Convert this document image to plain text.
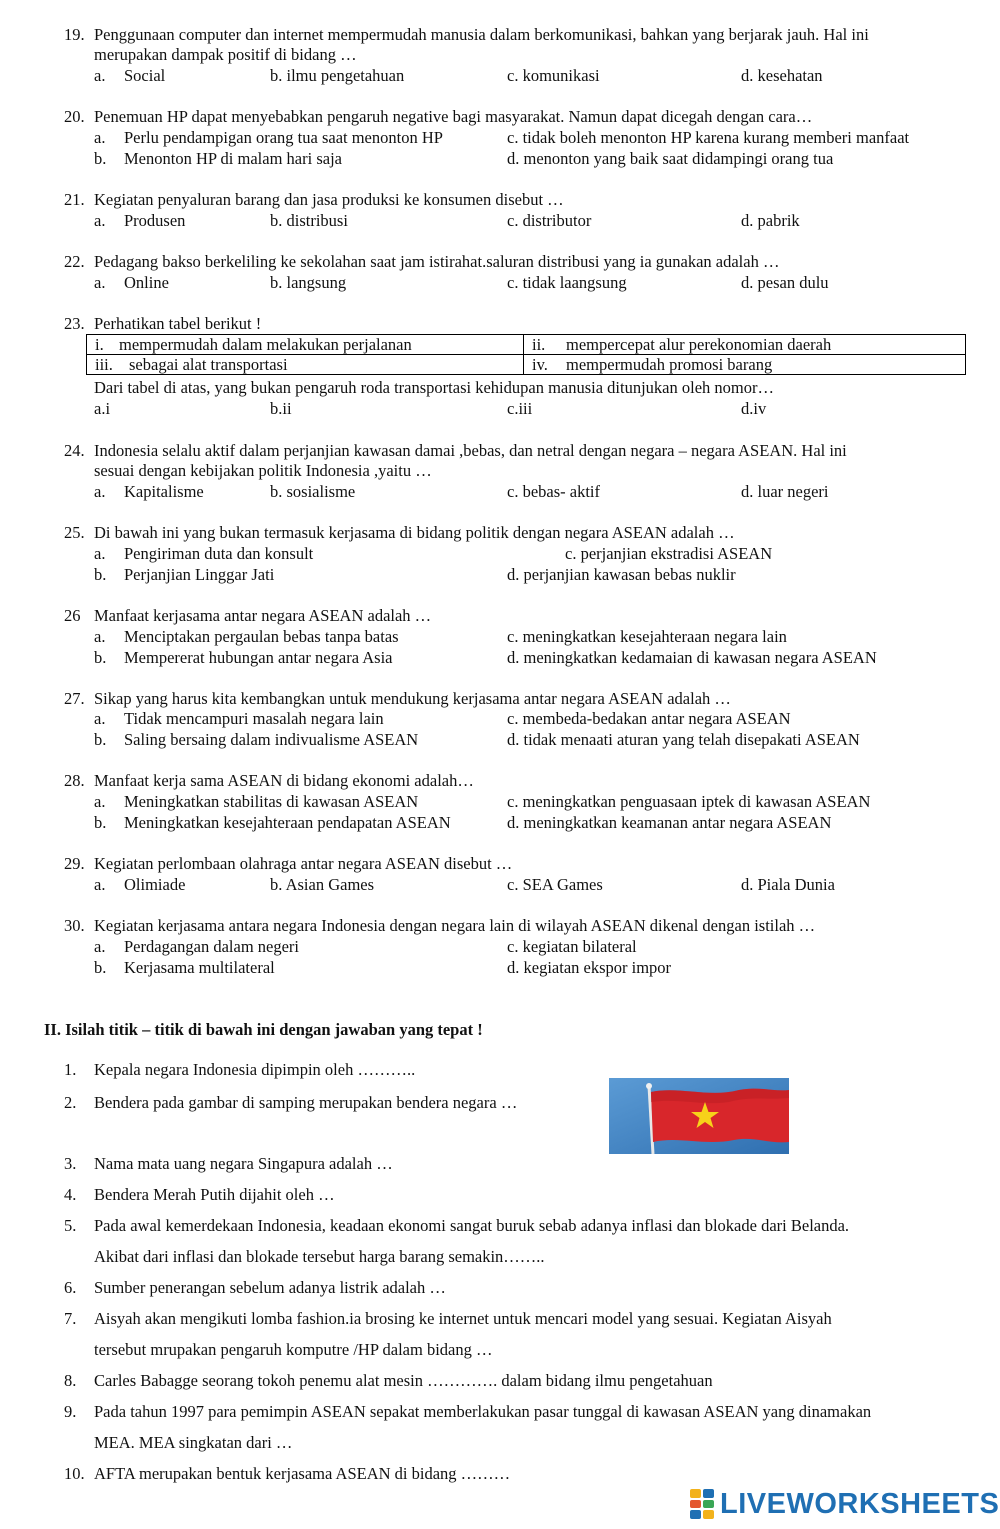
19. Penggunaan computer dan internet mempermudah manusia dalam berkomunikasi, bahkan yang berjarak jauh. Hal ini
merupakan dampak positif di bidang …
a. Social	b. ilmu pengetahuan	c. komunikasi	d. kesehatan
20. Penemuan HP dapat menyebabkan pengaruh negative bagi masyarakat. Namun dapat dicegah dengan cara…
a. Perlu pendampigan orang tua saat menonton HP	c. tidak boleh menonton HP karena kurang memberi manfaat
b. Menonton HP di malam hari saja	d. menonton yang baik saat didampingi orang tua
21. Kegiatan penyaluran barang dan jasa produksi ke konsumen disebut …
a. Produsen	b. distribusi	c. distributor	d. pabrik
22. Pedagang bakso berkeliling ke sekolahan saat jam istirahat.saluran distribusi yang ia gunakan adalah …
a. Online	b. langsung	c. tidak laangsung	d. pesan dulu
23. Perhatikan tabel berikut !
i. mempermudah dalam melakukan perjalanan	ii. mempercepat alur perekonomian daerah
iii. sebagai alat transportasi	iv. mempermudah promosi barang
Dari tabel di atas, yang bukan pengaruh roda transportasi kehidupan manusia ditunjukan oleh nomor…
a.i	b.ii	c.iii	d.iv
24. Indonesia selalu aktif dalam perjanjian kawasan damai ,bebas, dan netral dengan negara – negara ASEAN. Hal ini
sesuai dengan kebijakan politik Indonesia ,yaitu …
a. Kapitalisme	b. sosialisme	c. bebas- aktif	d. luar negeri
25. Di bawah ini yang bukan termasuk kerjasama di bidang politik dengan negara ASEAN adalah …
a. Pengiriman duta dan konsult	c. perjanjian ekstradisi ASEAN
b. Perjanjian Linggar Jati	d. perjanjian kawasan bebas nuklir
26 Manfaat kerjasama antar negara ASEAN adalah …
a. Menciptakan pergaulan bebas tanpa batas	c. meningkatkan kesejahteraan negara lain
b. Mempererat hubungan antar negara Asia	d. meningkatkan kedamaian di kawasan negara ASEAN
27. Sikap yang harus kita kembangkan untuk mendukung kerjasama antar negara ASEAN adalah …
a. Tidak mencampuri masalah negara lain	c. membeda-bedakan antar negara ASEAN
b. Saling bersaing dalam indivualisme ASEAN	d. tidak menaati aturan yang telah disepakati ASEAN
28. Manfaat kerja sama ASEAN di bidang ekonomi adalah…
a. Meningkatkan stabilitas di kawasan ASEAN	c. meningkatkan penguasaan iptek di kawasan ASEAN
b. Meningkatkan kesejahteraan pendapatan ASEAN	d. meningkatkan keamanan antar negara ASEAN
29. Kegiatan perlombaan olahraga antar negara ASEAN disebut …
a. Olimiade	b. Asian Games	c. SEA Games	d. Piala Dunia
30. Kegiatan kerjasama antara negara Indonesia dengan negara lain di wilayah ASEAN dikenal dengan istilah …
a. Perdagangan dalam negeri	c. kegiatan bilateral
b. Kerjasama multilateral	d. kegiatan ekspor impor
II. Isilah titik – titik di bawah ini dengan jawaban yang tepat !
1. Kepala negara Indonesia dipimpin oleh ………..
2. Bendera pada gambar di samping merupakan bendera negara …
3. Nama mata uang negara Singapura adalah …
4. Bendera Merah Putih dijahit oleh …
5. Pada awal kemerdekaan Indonesia, keadaan ekonomi sangat buruk sebab adanya inflasi dan blokade dari Belanda.
Akibat dari inflasi dan blokade tersebut harga barang semakin……..
6. Sumber penerangan sebelum adanya listrik adalah …
7. Aisyah akan mengikuti lomba fashion.ia brosing ke internet untuk mencari model yang sesuai. Kegiatan Aisyah
tersebut mrupakan pengaruh komputre /HP dalam bidang …
8. Carles Babagge seorang tokoh penemu alat mesin …………. dalam bidang ilmu pengetahuan
9. Pada tahun 1997 para pemimpin ASEAN sepakat memberlakukan pasar tunggal di kawasan ASEAN yang dinamakan
MEA. MEA singkatan dari …
10. AFTA merupakan bentuk kerjasama ASEAN di bidang ………
LIVEWORKSHEETS
